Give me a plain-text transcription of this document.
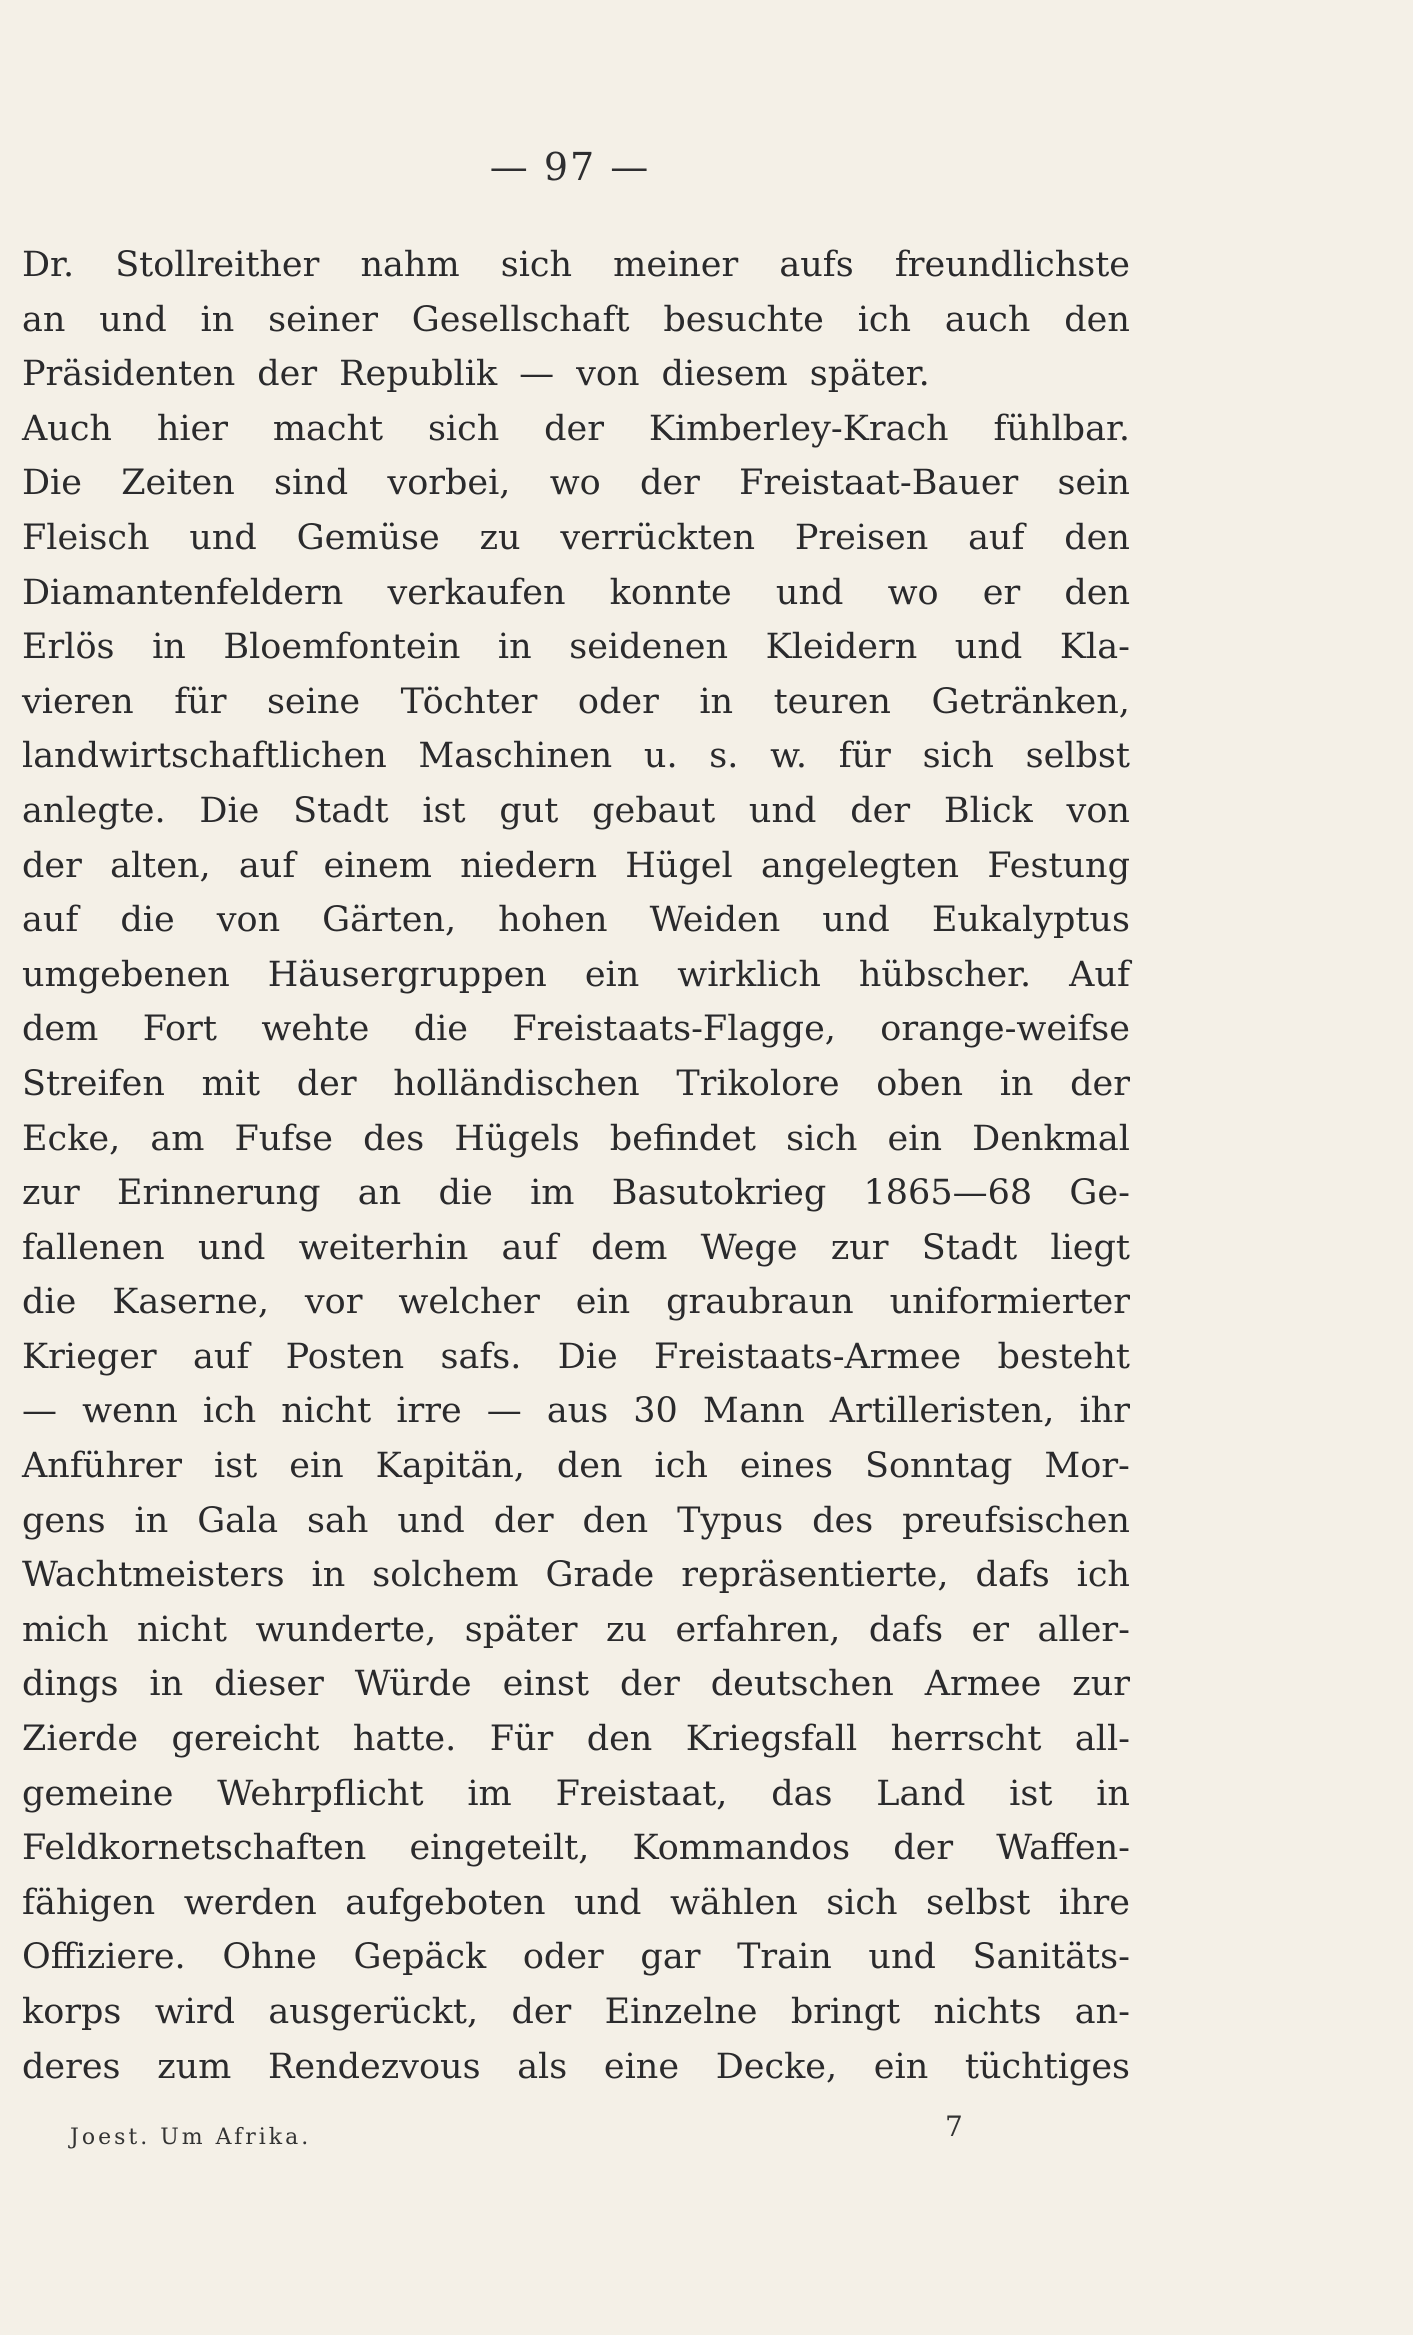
— 97 —
Dr. Stollreither nahm sich meiner aufs freundlichste
an und in seiner Gesellschaft besuchte ich auch den
Präsidenten der Republik — von diesem später.
Auch hier macht sich der Kimberley-Krach fühlbar.
Die Zeiten sind vorbei, wo der Freistaat-Bauer sein
Fleisch und Gemüse zu verrückten Preisen auf den
Diamantenfeldern verkaufen konnte und wo er den
Erlös in Bloemfontein in seidenen Kleidern und Kla-
vieren für seine Töchter oder in teuren Getränken,
landwirtschaftlichen Maschinen u. s. w. für sich selbst
anlegte. Die Stadt ist gut gebaut und der Blick von
der alten, auf einem niedern Hügel angelegten Festung
auf die von Gärten, hohen Weiden und Eukalyptus
umgebenen Häusergruppen ein wirklich hübscher. Auf
dem Fort wehte die Freistaats-Flagge, orange-weifse
Streifen mit der holländischen Trikolore oben in der
Ecke, am Fufse des Hügels befindet sich ein Denkmal
zur Erinnerung an die im Basutokrieg 1865—68 Ge-
fallenen und weiterhin auf dem Wege zur Stadt liegt
die Kaserne, vor welcher ein graubraun uniformierter
Krieger auf Posten safs. Die Freistaats-Armee besteht
— wenn ich nicht irre — aus 30 Mann Artilleristen, ihr
Anführer ist ein Kapitän, den ich eines Sonntag Mor-
gens in Gala sah und der den Typus des preufsischen
Wachtmeisters in solchem Grade repräsentierte, dafs ich
mich nicht wunderte, später zu erfahren, dafs er aller-
dings in dieser Würde einst der deutschen Armee zur
Zierde gereicht hatte. Für den Kriegsfall herrscht all-
gemeine Wehrpflicht im Freistaat, das Land ist in
Feldkornetschaften eingeteilt, Kommandos der Waffen-
fähigen werden aufgeboten und wählen sich selbst ihre
Offiziere. Ohne Gepäck oder gar Train und Sanitäts-
korps wird ausgerückt, der Einzelne bringt nichts an-
deres zum Rendezvous als eine Decke, ein tüchtiges
Joest. Um Afrika.	7
